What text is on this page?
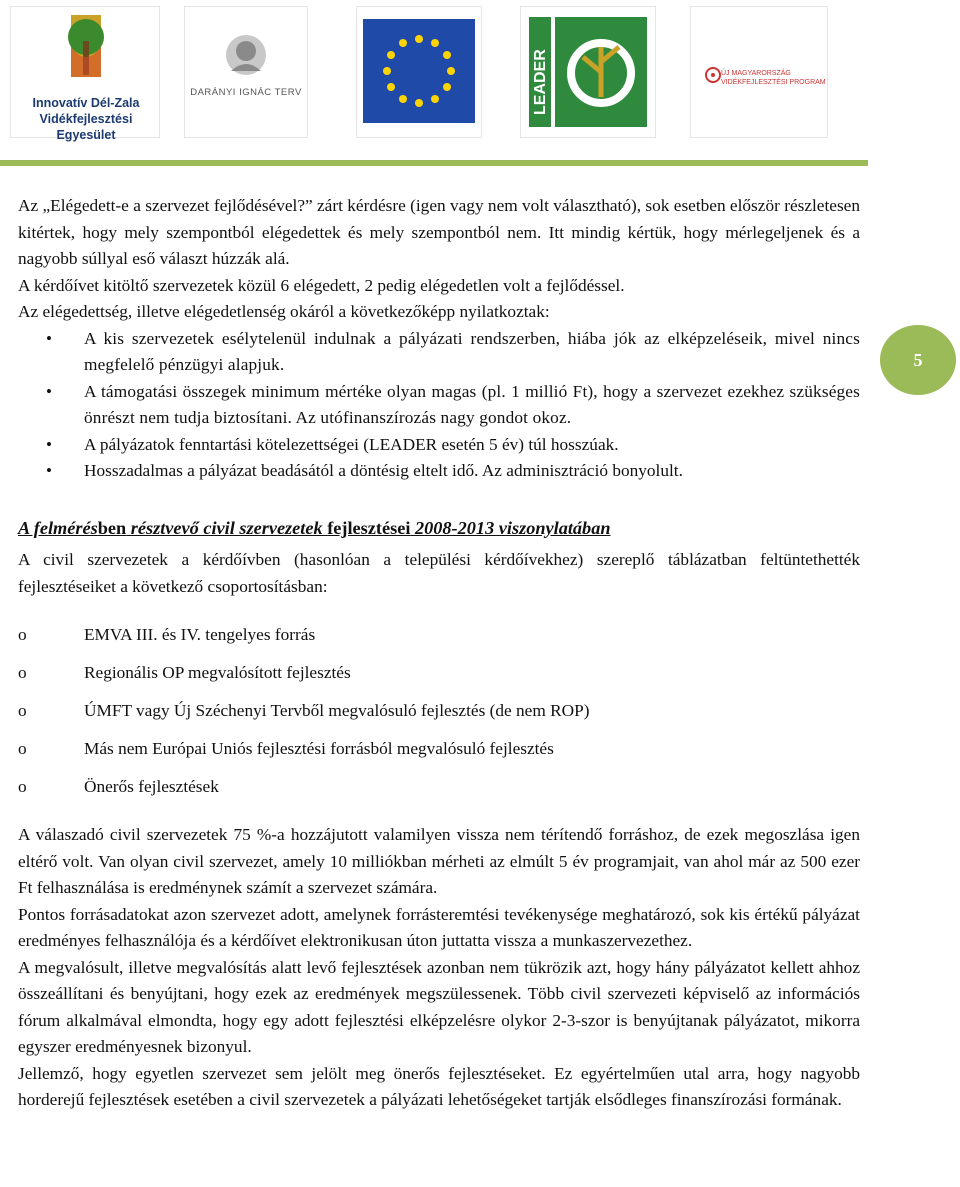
Innovatív Dél-Zala Vidékfejlesztési Egyesület
DARÁNYI IGNÁC TERV	LEADER	ÚJ MAGYARORSZÁG VIDÉKFEJLESZTÉSI PROGRAM
5

Az „Elégedett-e a szervezet fejlődésével?” zárt kérdésre (igen vagy nem volt választható), sok esetben először részletesen kitértek, hogy mely szempontból elégedettek és mely szempontból nem. Itt mindig kértük, hogy mérlegeljenek és a nagyobb súllyal eső választ húzzák alá.

A kérdőívet kitöltő szervezetek közül 6 elégedett, 2 pedig elégedetlen volt a fejlődéssel.

Az elégedettség, illetve elégedetlenség okáról a következőképp nyilatkoztak:

• A kis szervezetek esélytelenül indulnak a pályázati rendszerben, hiába jók az elképzeléseik, mivel nincs megfelelő pénzügyi alapjuk.
• A támogatási összegek minimum mértéke olyan magas (pl. 1 millió Ft), hogy a szervezet ezekhez szükséges önrészt nem tudja biztosítani. Az utófinanszírozás nagy gondot okoz.
• A pályázatok fenntartási kötelezettségei (LEADER esetén 5 év) túl hosszúak.
• Hosszadalmas a pályázat beadásától a döntésig eltelt idő. Az adminisztráció bonyolult.
A felmérésben résztvevő civil szervezetek fejlesztései 2008-2013 viszonylatában

A civil szervezetek a kérdőívben (hasonlóan a települési kérdőívekhez) szereplő táblázatban feltüntethették fejlesztéseiket a következő csoportosításban:

o EMVA III. és IV. tengelyes forrás
o Regionális OP megvalósított fejlesztés
o ÚMFT vagy Új Széchenyi Tervből megvalósuló fejlesztés (de nem ROP)
o Más nem Európai Uniós fejlesztési forrásból megvalósuló fejlesztés
o Önerős fejlesztések

A válaszadó civil szervezetek 75 %-a hozzájutott valamilyen vissza nem térítendő forráshoz, de ezek megoszlása igen eltérő volt. Van olyan civil szervezet, amely 10 milliókban mérheti az elmúlt 5 év programjait, van ahol már az 500 ezer Ft felhasználása is eredménynek számít a szervezet számára.

Pontos forrásadatokat azon szervezet adott, amelynek forrásteremtési tevékenysége meghatározó, sok kis értékű pályázat eredményes felhasználója és a kérdőívet elektronikusan úton juttatta vissza a munkaszervezethez.

A megvalósult, illetve megvalósítás alatt levő fejlesztések azonban nem tükrözik azt, hogy hány pályázatot kellett ahhoz összeállítani és benyújtani, hogy ezek az eredmények megszülessenek. Több civil szervezeti képviselő az információs fórum alkalmával elmondta, hogy egy adott fejlesztési elképzelésre olykor 2-3-szor is benyújtanak pályázatot, mikorra egyszer eredményesnek bizonyul.

Jellemző, hogy egyetlen szervezet sem jelölt meg önerős fejlesztéseket. Ez egyértelműen utal arra, hogy nagyobb horderejű fejlesztések esetében a civil szervezetek a pályázati lehetőségeket tartják elsődleges finanszírozási formának.
